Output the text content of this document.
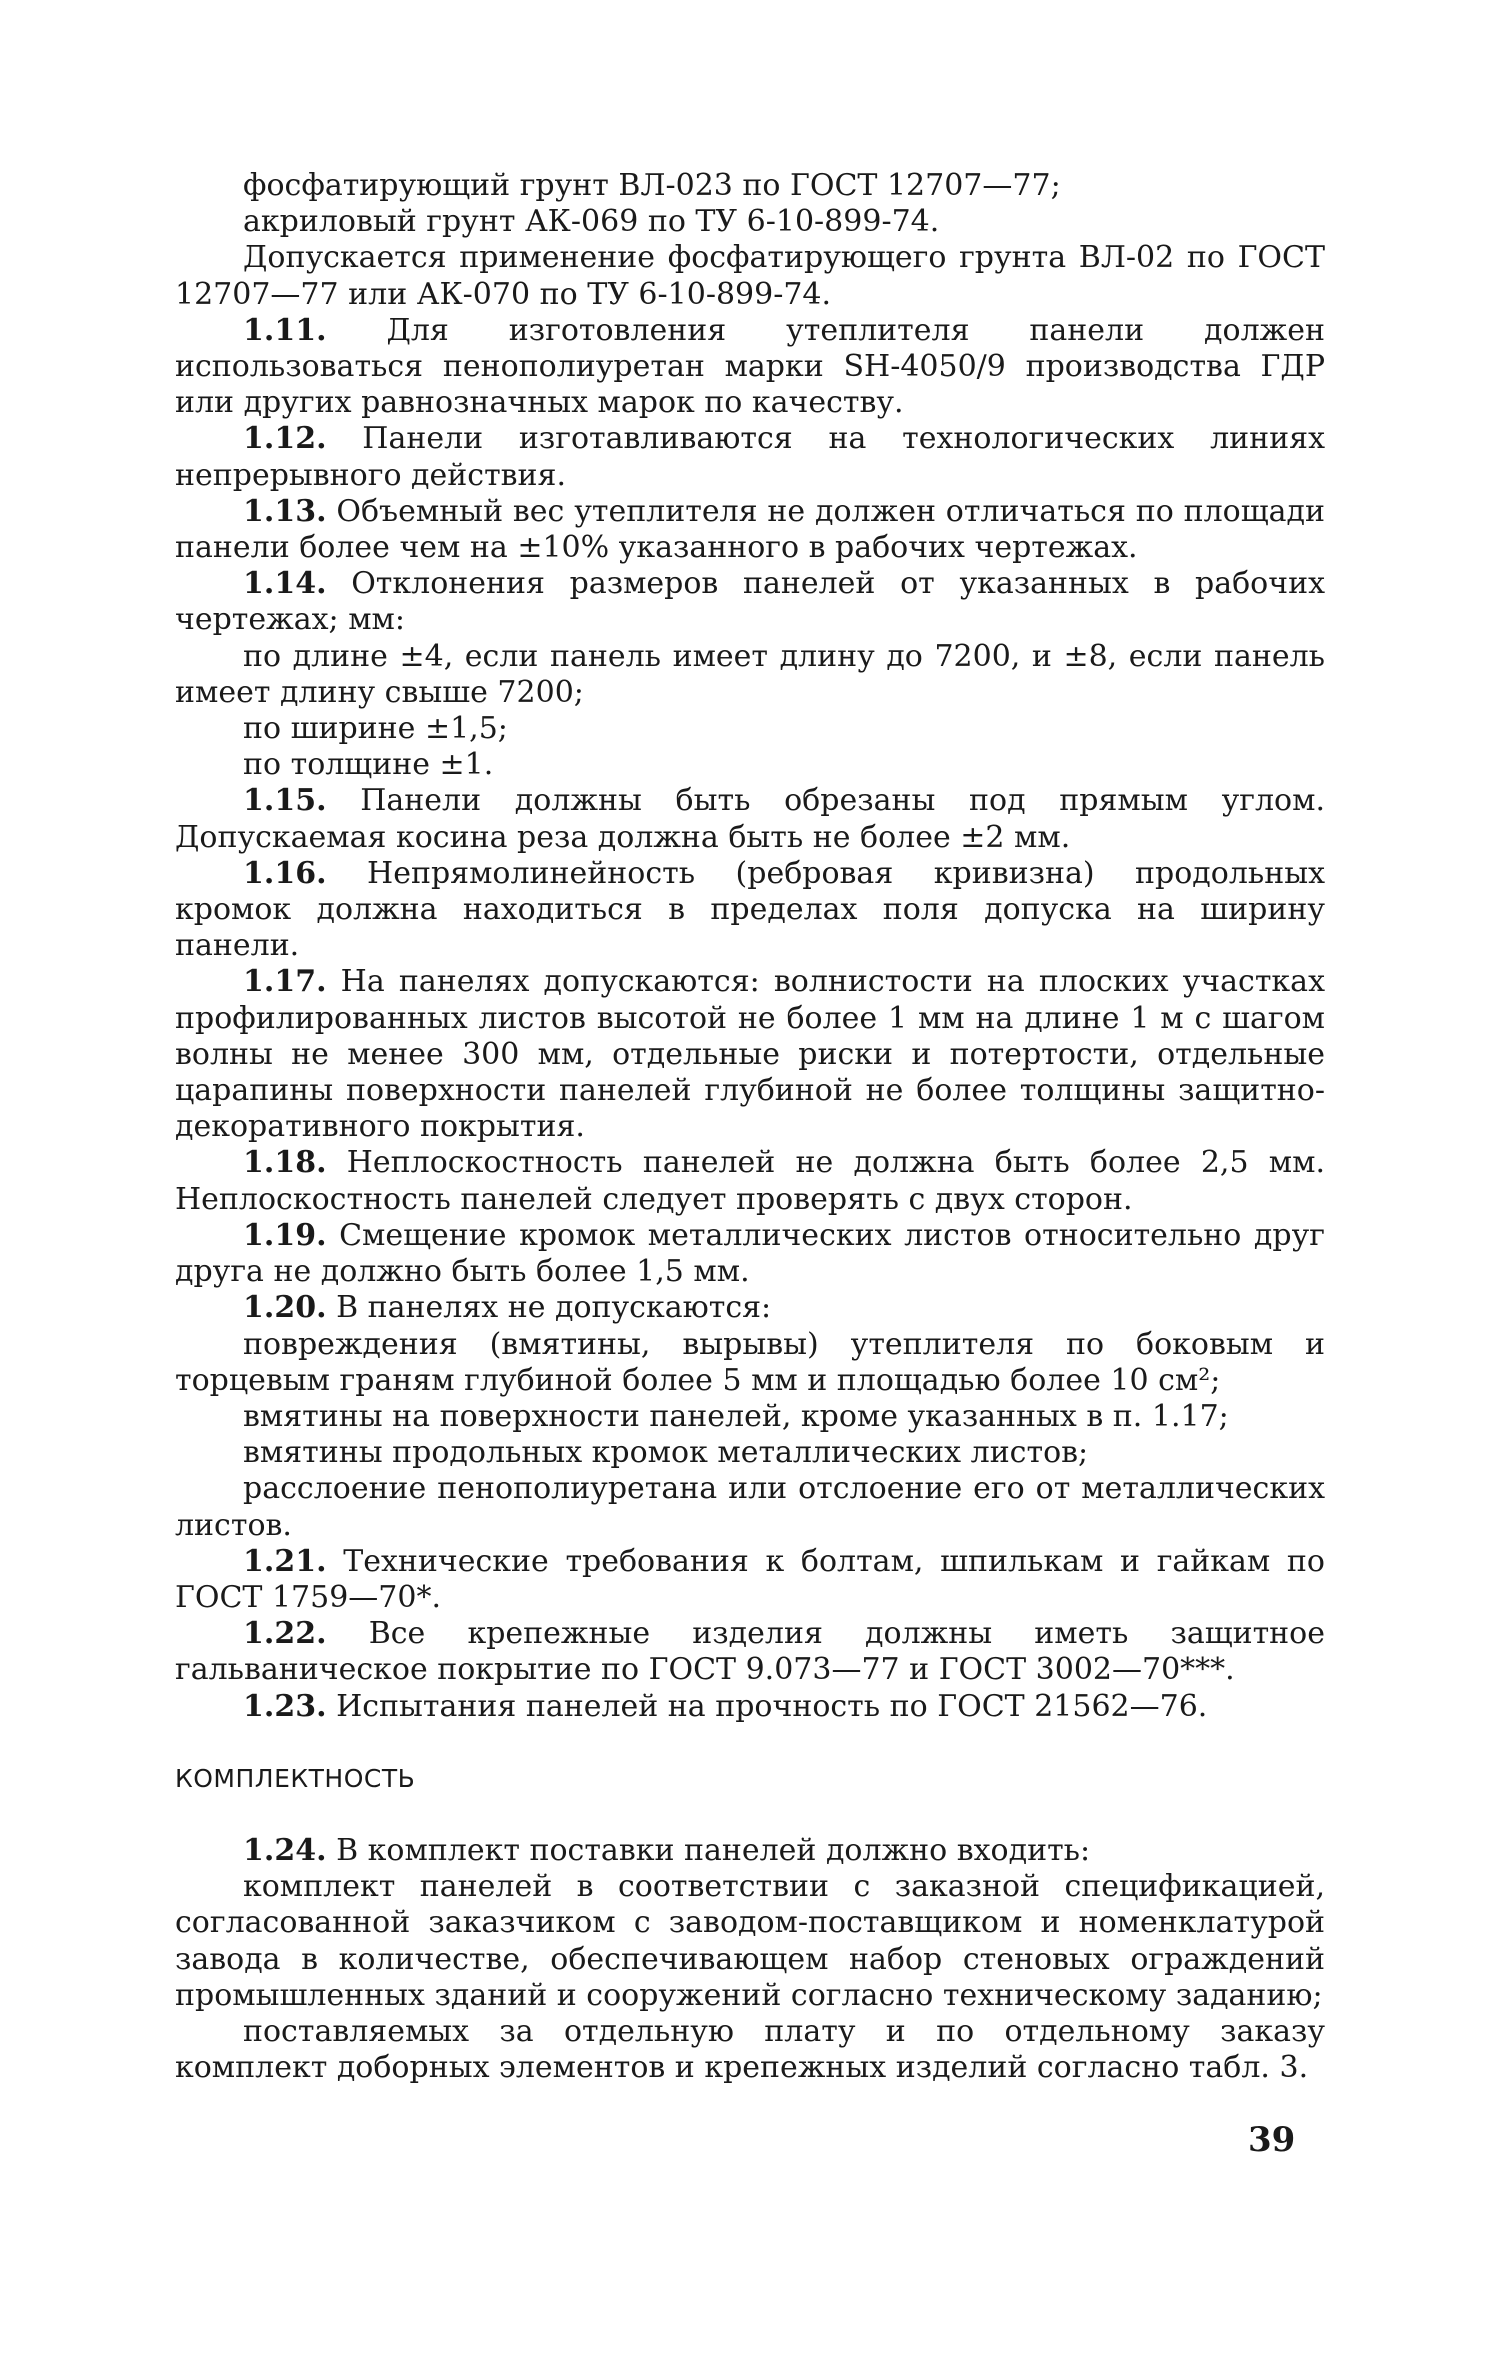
фосфатирующий грунт ВЛ-023 по ГОСТ 12707—77;

акриловый грунт АК-069 по ТУ 6-10-899-74.

Допускается применение фосфатирующего грунта ВЛ-02 по ГОСТ 12707—77 или АК-070 по ТУ 6-10-899-74.

1.11. Для изготовления утеплителя панели должен использоваться пенополиуретан марки SH-4050/9 производства ГДР или других равнозначных марок по качеству.

1.12. Панели изготавливаются на технологических линиях непрерывного действия.

1.13. Объемный вес утеплителя не должен отличаться по площади панели более чем на ±10% указанного в рабочих чертежах.

1.14. Отклонения размеров панелей от указанных в рабочих чертежах; мм:

по длине ±4, если панель имеет длину до 7200, и ±8, если панель имеет длину свыше 7200;

по ширине ±1,5;

по толщине ±1.

1.15. Панели должны быть обрезаны под прямым углом. Допускаемая косина реза должна быть не более ±2 мм.

1.16. Непрямолинейность (ребровая кривизна) продольных кромок должна находиться в пределах поля допуска на ширину панели.

1.17. На панелях допускаются: волнистости на плоских участках профилированных листов высотой не более 1 мм на длине 1 м с шагом волны не менее 300 мм, отдельные риски и потертости, отдельные царапины поверхности панелей глубиной не более толщины защитно-декоративного покрытия.

1.18. Неплоскостность панелей не должна быть более 2,5 мм. Неплоскостность панелей следует проверять с двух сторон.

1.19. Смещение кромок металлических листов относительно друг друга не должно быть более 1,5 мм.

1.20. В панелях не допускаются:

повреждения (вмятины, вырывы) утеплителя по боковым и торцевым граням глубиной более 5 мм и площадью более 10 см²;

вмятины на поверхности панелей, кроме указанных в п. 1.17;

вмятины продольных кромок металлических листов;

расслоение пенополиуретана или отслоение его от металлических листов.

1.21. Технические требования к болтам, шпилькам и гайкам по ГОСТ 1759—70*.

1.22. Все крепежные изделия должны иметь защитное гальваническое покрытие по ГОСТ 9.073—77 и ГОСТ 3002—70***.

1.23. Испытания панелей на прочность по ГОСТ 21562—76.

КОМПЛЕКТНОСТЬ

1.24. В комплект поставки панелей должно входить:

комплект панелей в соответствии с заказной спецификацией, согласованной заказчиком с заводом-поставщиком и номенклатурой завода в количестве, обеспечивающем набор стеновых ограждений промышленных зданий и сооружений согласно техническому заданию;

поставляемых за отдельную плату и по отдельному заказу комплект доборных элементов и крепежных изделий согласно табл. 3.

39
